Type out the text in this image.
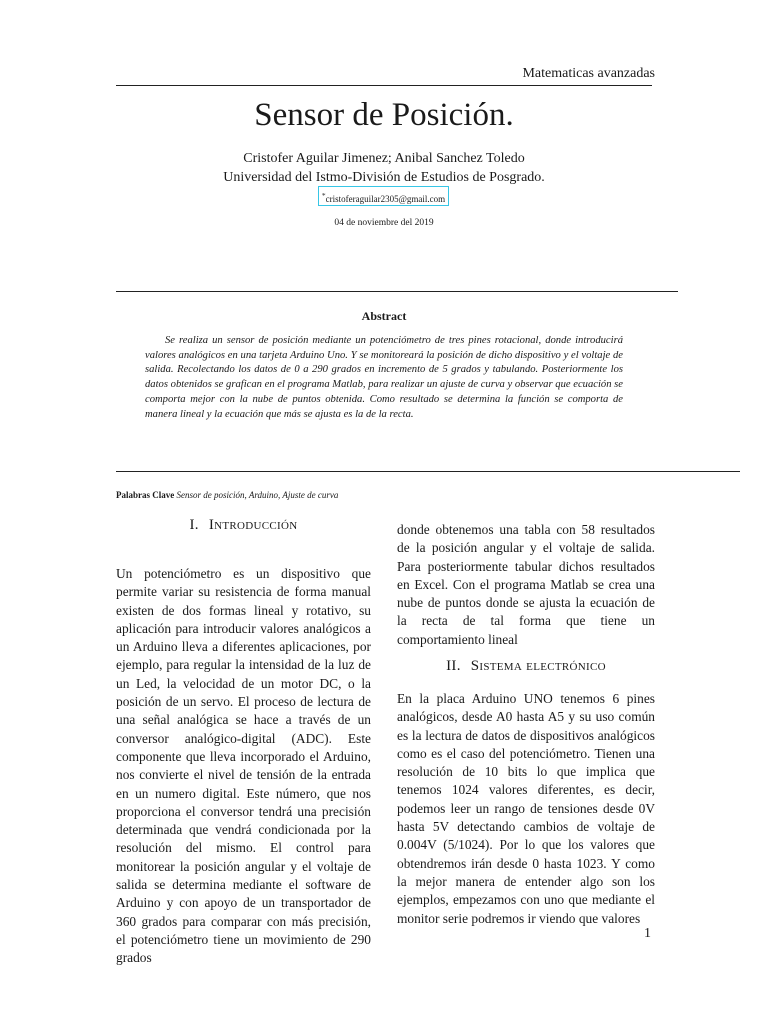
Matematicas avanzadas
Sensor de Posición.
Cristofer Aguilar Jimenez; Anibal Sanchez Toledo
Universidad del Istmo-División de Estudios de Posgrado.
*cristoferaguilar2305@gmail.com
04 de noviembre del 2019
Abstract
Se realiza un sensor de posición mediante un potenciómetro de tres pines rotacional, donde introducirá valores analógicos en una tarjeta Arduino Uno. Y se monitoreará la posición de dicho dispositivo y el voltaje de salida. Recolectando los datos de 0 a 290 grados en incremento de 5 grados y tabulando. Posteriormente los datos obtenidos se grafican en el programa Matlab, para realizar un ajuste de curva y observar que ecuación se comporta mejor con la nube de puntos obtenida. Como resultado se determina la función se comporta de manera lineal y la ecuación que más se ajusta es la de la recta.
Palabras Clave Sensor de posición, Arduino, Ajuste de curva
I. Introducción
Un potenciómetro es un dispositivo que permite variar su resistencia de forma manual existen de dos formas lineal y rotativo, su aplicación para introducir valores analógicos a un Arduino lleva a diferentes aplicaciones, por ejemplo, para regular la intensidad de la luz de un Led, la velocidad de un motor DC, o la posición de un servo. El proceso de lectura de una señal analógica se hace a través de un conversor analógico-digital (ADC). Este componente que lleva incorporado el Arduino, nos convierte el nivel de tensión de la entrada en un numero digital. Este número, que nos proporciona el conversor tendrá una precisión determinada que vendrá condicionada por la resolución del mismo. El control para monitorear la posición angular y el voltaje de salida se determina mediante el software de Arduino y con apoyo de un transportador de 360 grados para comparar con más precisión, el potenciómetro tiene un movimiento de 290 grados
donde obtenemos una tabla con 58 resultados de la posición angular y el voltaje de salida. Para posteriormente tabular dichos resultados en Excel. Con el programa Matlab se crea una nube de puntos donde se ajusta la ecuación de la recta de tal forma que tiene un comportamiento lineal
II. Sistema electrónico
En la placa Arduino UNO tenemos 6 pines analógicos, desde A0 hasta A5 y su uso común es la lectura de datos de dispositivos analógicos como es el caso del potenciómetro. Tienen una resolución de 10 bits lo que implica que tenemos 1024 valores diferentes, es decir, podemos leer un rango de tensiones desde 0V hasta 5V detectando cambios de voltaje de 0.004V (5/1024). Por lo que los valores que obtendremos irán desde 0 hasta 1023. Y como la mejor manera de entender algo son los ejemplos, empezamos con uno que mediante el monitor serie podremos ir viendo que valores
1
